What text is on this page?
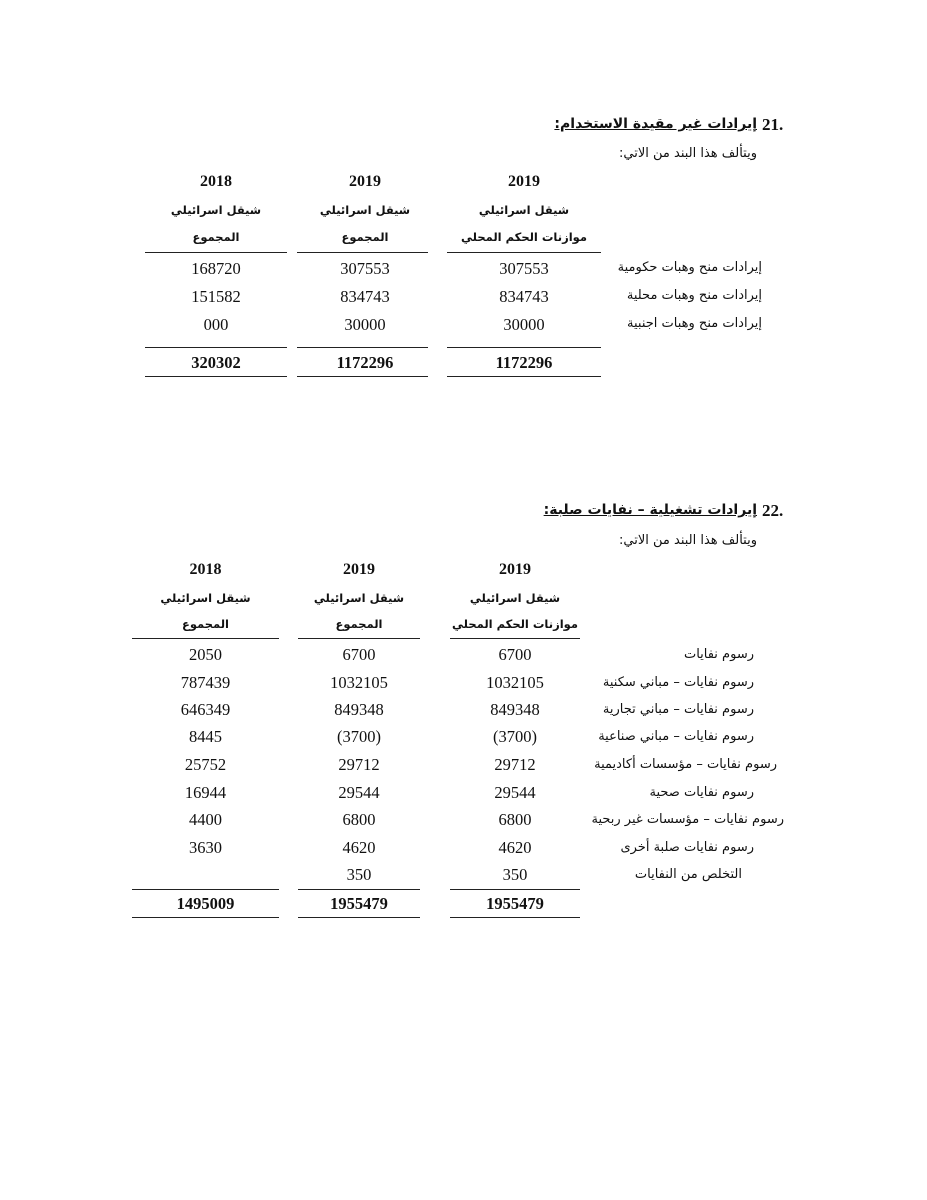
21.
إيرادات غير مقيدة الاستخدام:
ويتألف هذا البند من الاتي:
2019
شيقل اسرائيلي
موازنات الحكم المحلي
2019
شيقل اسرائيلي
المجموع
2018
شيقل اسرائيلي
المجموع
إيرادات منح وهبات حكومية
307553
307553
168720
إيرادات منح وهبات محلية
834743
834743
151582
إيرادات منح وهبات اجنبية
30000
30000
000
1172296
1172296
320302
22.
إيرادات تشغيلية – نفايات صلبة:
ويتألف هذا البند من الاتي:
2019
شيقل اسرائيلي
موازنات الحكم المحلي
2019
شيقل اسرائيلي
المجموع
2018
شيقل اسرائيلي
المجموع
رسوم نفايات
6700
6700
2050
رسوم نفايات – مباني سكنية
1032105
1032105
787439
رسوم نفايات – مباني تجارية
849348
849348
646349
رسوم نفايات – مباني صناعية
(3700)
(3700)
8445
رسوم نفايات – مؤسسات أكاديمية
29712
29712
25752
رسوم نفايات صحية
29544
29544
16944
رسوم نفايات – مؤسسات غير ربحية
6800
6800
4400
رسوم نفايات صلبة أخرى
4620
4620
3630
التخلص من النفايات
350
350
1955479
1955479
1495009
